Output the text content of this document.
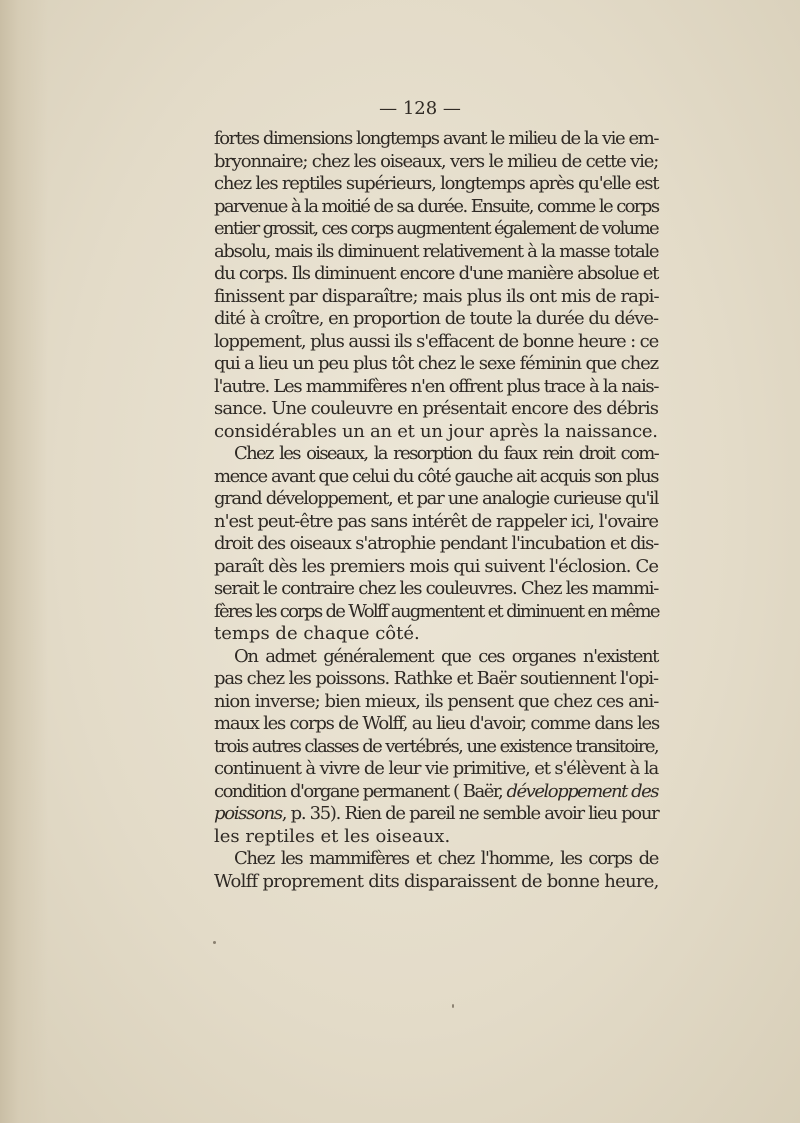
— 128 —
fortes dimensions longtemps avant le milieu de la vie em-
bryonnaire; chez les oiseaux, vers le milieu de cette vie;
chez les reptiles supérieurs, longtemps après qu'elle est
parvenue à la moitié de sa durée. Ensuite, comme le corps
entier grossit, ces corps augmentent également de volume
absolu, mais ils diminuent relativement à la masse totale
du corps. Ils diminuent encore d'une manière absolue et
finissent par disparaître; mais plus ils ont mis de rapi-
dité à croître, en proportion de toute la durée du déve-
loppement, plus aussi ils s'effacent de bonne heure : ce
qui a lieu un peu plus tôt chez le sexe féminin que chez
l'autre. Les mammifères n'en offrent plus trace à la nais-
sance. Une couleuvre en présentait encore des débris
considérables un an et un jour après la naissance.
Chez les oiseaux, la resorption du faux rein droit com-
mence avant que celui du côté gauche ait acquis son plus
grand développement, et par une analogie curieuse qu'il
n'est peut-être pas sans intérêt de rappeler ici, l'ovaire
droit des oiseaux s'atrophie pendant l'incubation et dis-
paraît dès les premiers mois qui suivent l'éclosion. Ce
serait le contraire chez les couleuvres. Chez les mammi-
fères les corps de Wolff augmentent et diminuent en même
temps de chaque côté.
On admet généralement que ces organes n'existent
pas chez les poissons. Rathke et Baër soutiennent l'opi-
nion inverse; bien mieux, ils pensent que chez ces ani-
maux les corps de Wolff, au lieu d'avoir, comme dans les
trois autres classes de vertébrés, une existence transitoire,
continuent à vivre de leur vie primitive, et s'élèvent à la
condition d'organe permanent ( Baër, développement des
poissons, p. 35). Rien de pareil ne semble avoir lieu pour
les reptiles et les oiseaux.
Chez les mammifères et chez l'homme, les corps de
Wolff proprement dits disparaissent de bonne heure,
